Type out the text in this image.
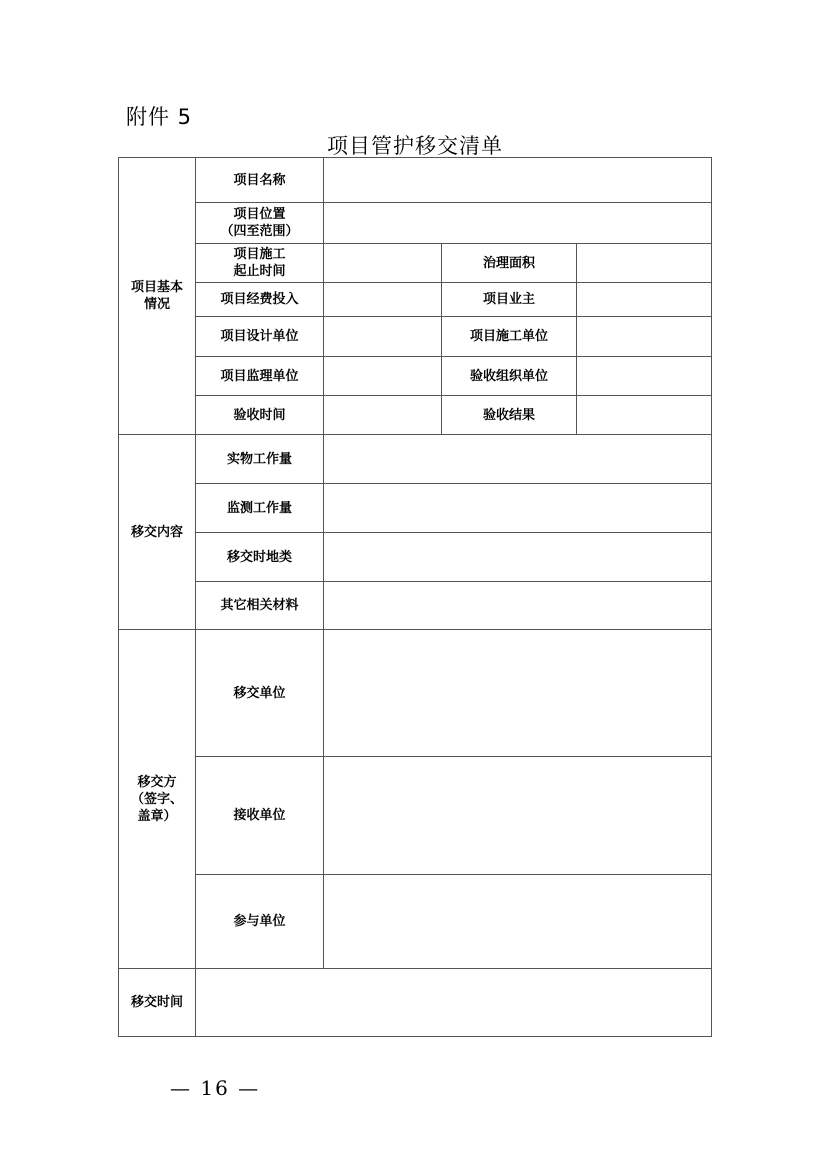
附件 5
项目管护移交清单
项目基本
情况	项目名称			
	项目位置
（四至范围）			
	项目施工
起止时间		治理面积	
	项目经费投入		项目业主	
	项目设计单位		项目施工单位	
	项目监理单位		验收组织单位	
	验收时间		验收结果	
移交内容	实物工作量			
	监测工作量			
	移交时地类			
	其它相关材料			
移交方
（签字、
盖章）	移交单位			
	接收单位			
	参与单位			
移交时间				
— 16 —
